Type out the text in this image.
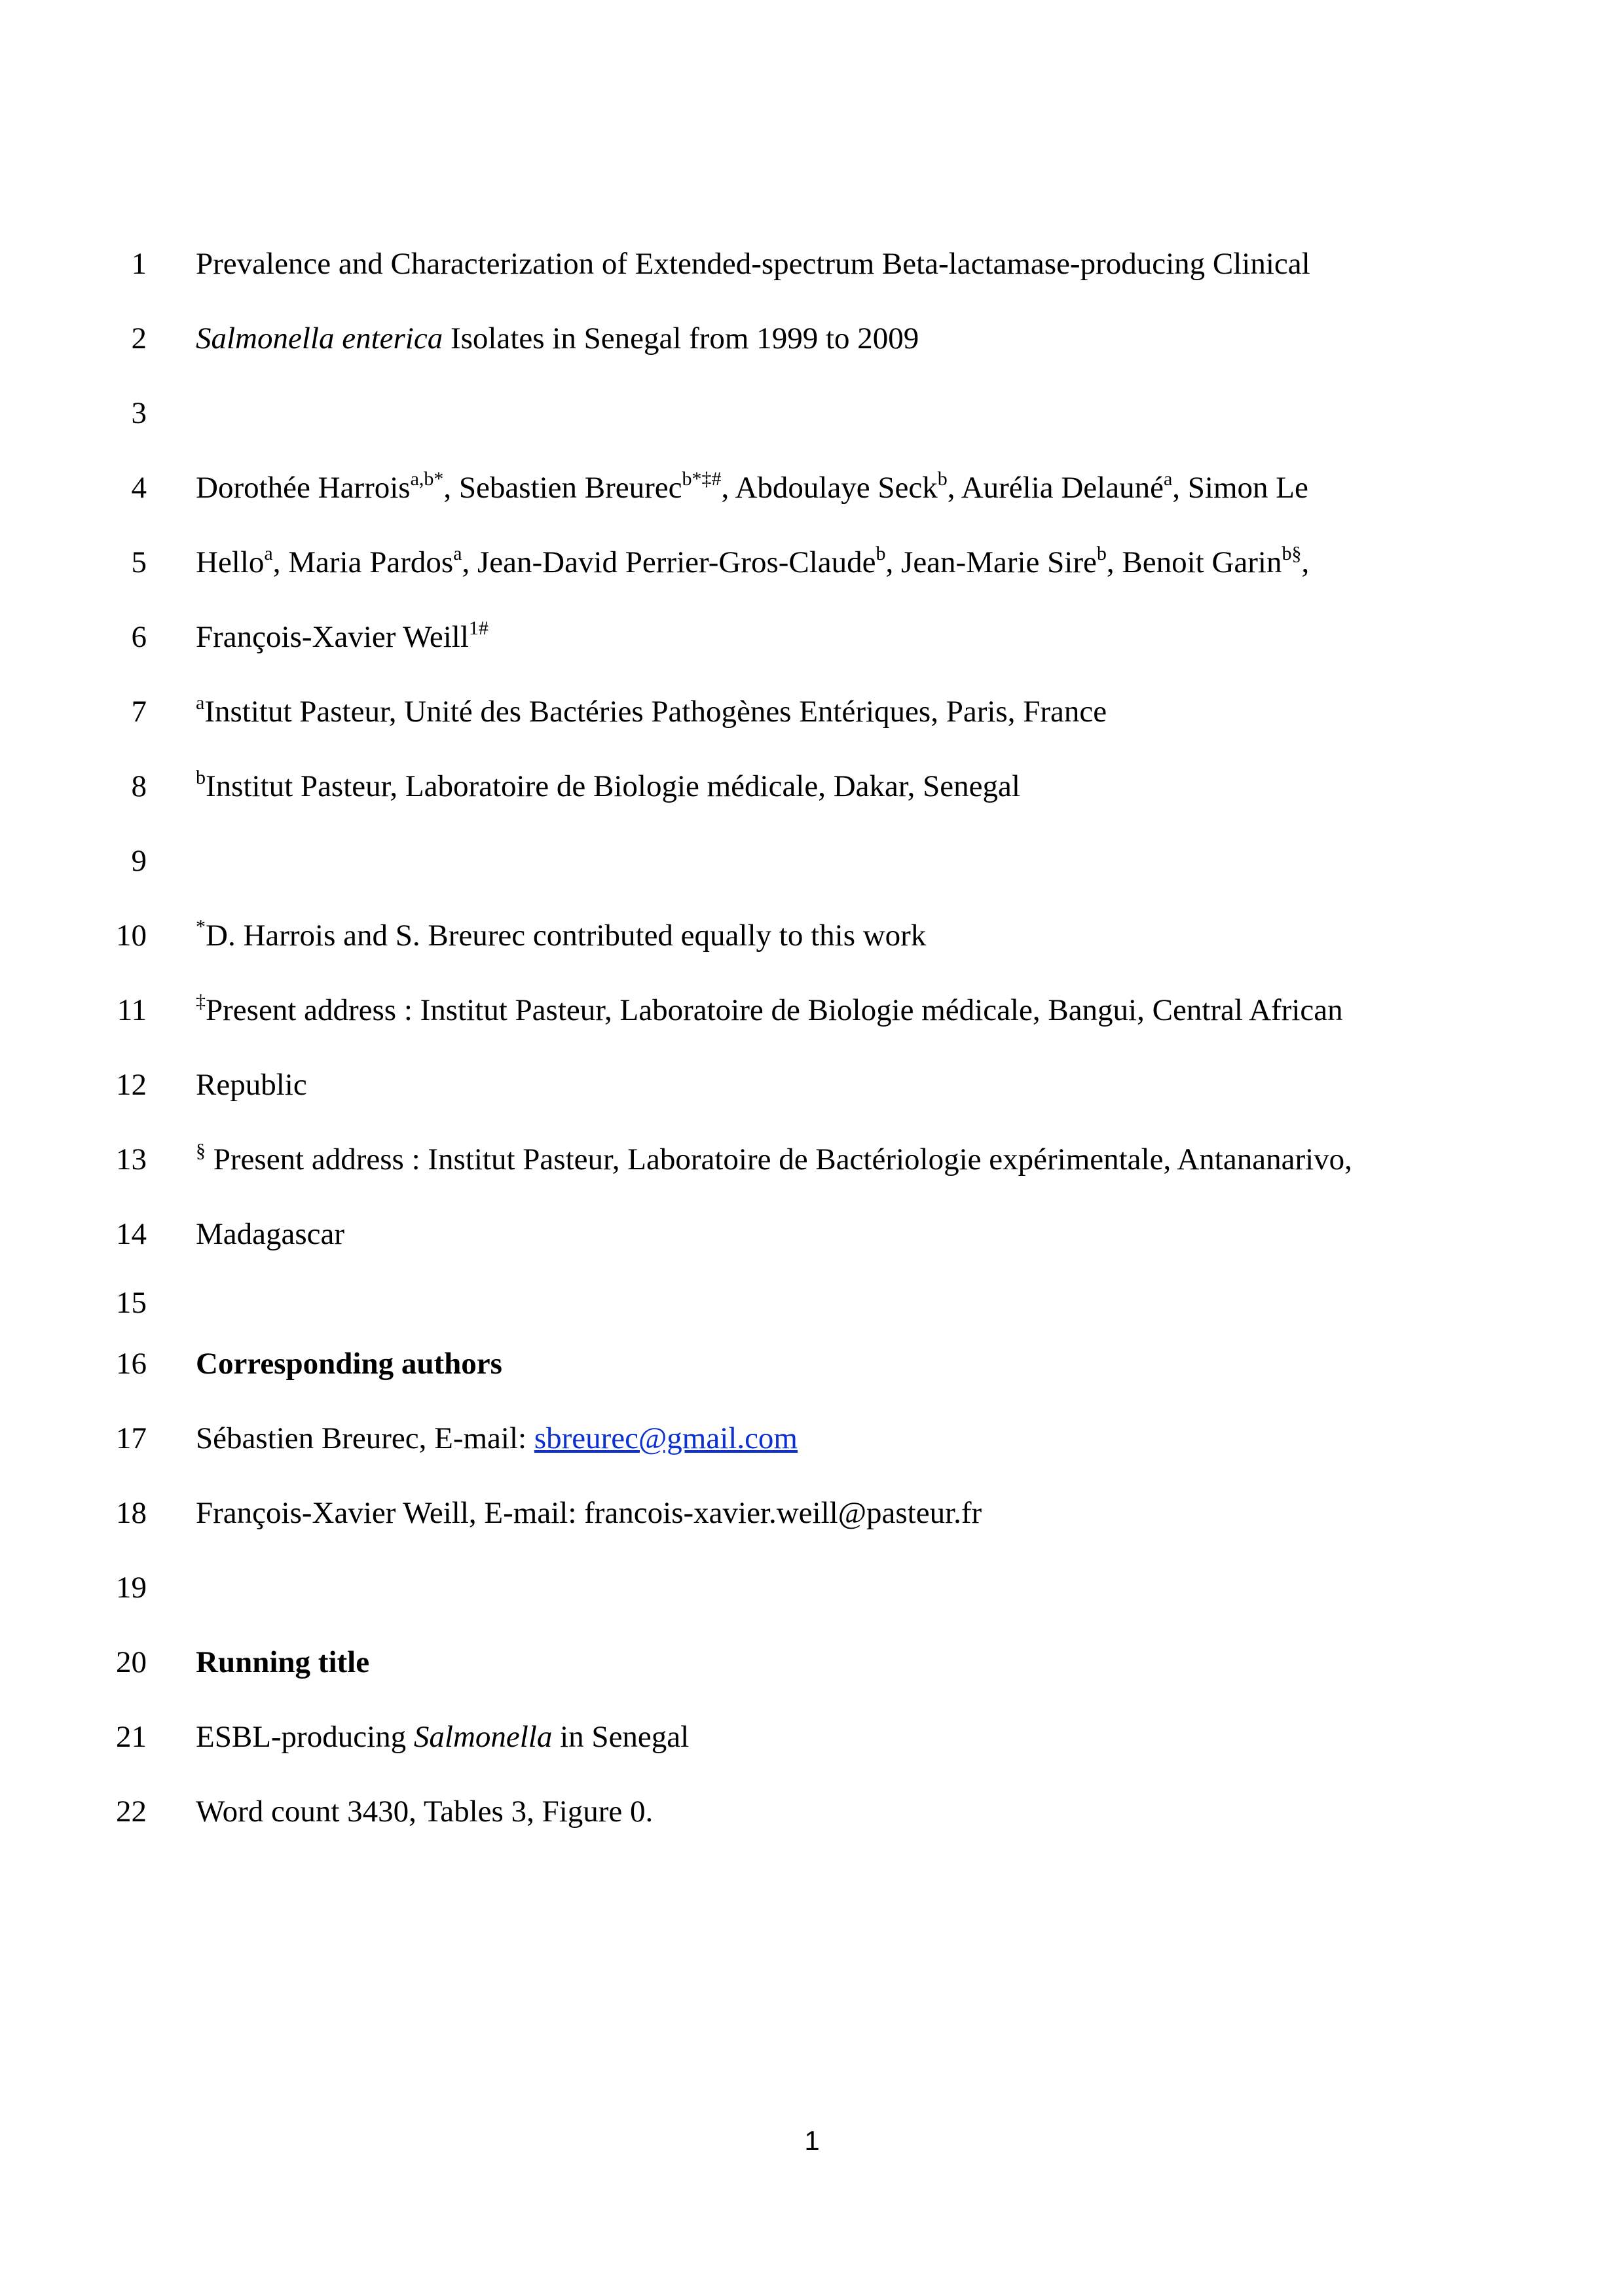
1 Prevalence and Characterization of Extended-spectrum Beta-lactamase-producing Clinical
2 Salmonella enterica Isolates in Senegal from 1999 to 2009
3
4 Dorothée Harrois$^{a,b*}$, Sebastien Breurec$^{b*\ddagger\#}$, Abdoulaye Seck$^b$, Aurélia Delauné$^a$, Simon Le
5 Hello$^a$, Maria Pardos$^a$, Jean-David Perrier-Gros-Claude$^b$, Jean-Marie Sire$^b$, Benoit Garin$^{b\S}$,
6 François-Xavier Weill$^{1\#}$
7	$^a$Institut Pasteur, Unité des Bactéries Pathogènes Entériques, Paris, France
8	$^b$Institut Pasteur, Laboratoire de Biologie médicale, Dakar, Senegal
9
10	*D. Harrois and S. Breurec contributed equally to this work
11	‡Present address : Institut Pasteur, Laboratoire de Biologie médicale, Bangui, Central African
12 Republic
13	§ Present address : Institut Pasteur, Laboratoire de Bactériologie expérimentale, Antananarivo,
14 Madagascar
15
16 Corresponding authors
17 Sébastien Breurec, E-mail: sbreurec@gmail.com
18 François-Xavier Weill, E-mail: francois-xavier.weill@pasteur.fr
19
20 Running title
21 ESBL-producing Salmonella in Senegal
22 Word count 3430, Tables 3, Figure 0.
1
